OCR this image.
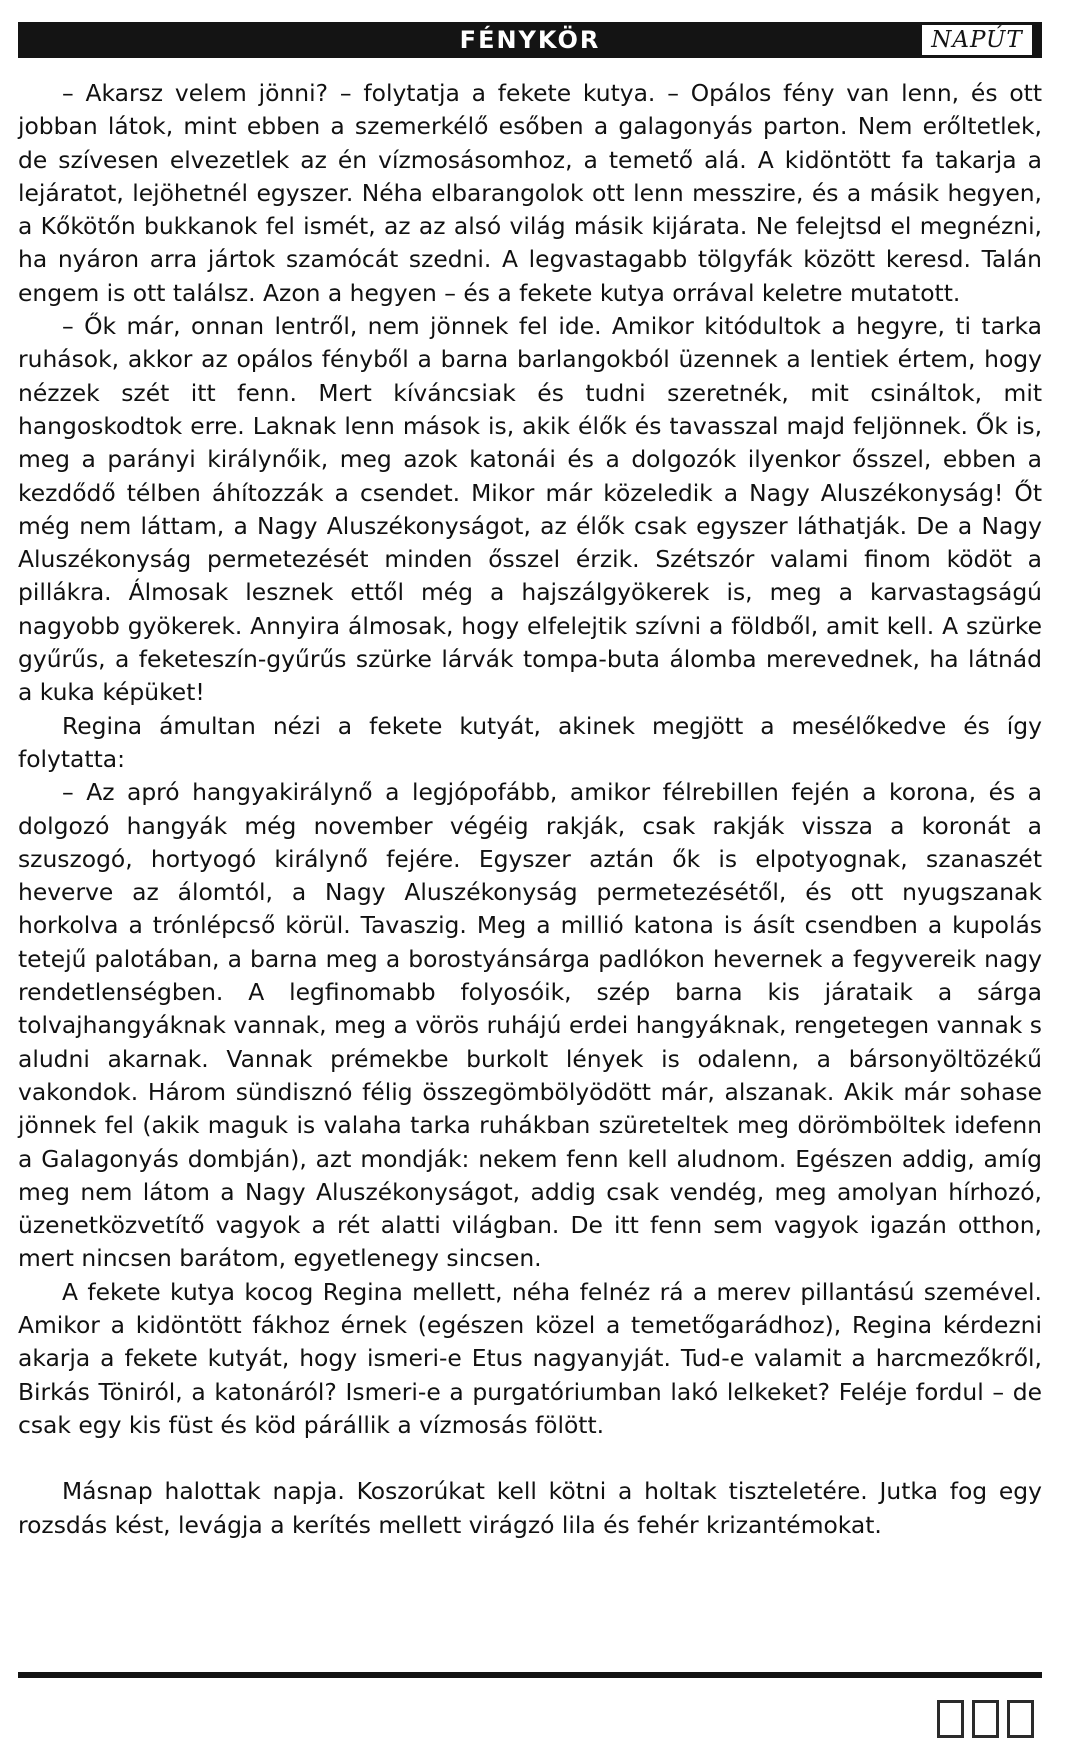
FÉNYKÖR	NAPÚT

– Akarsz velem jönni? – folytatja a fekete kutya. – Opálos fény van lenn, és ott jobban látok, mint ebben a szemerkélő esőben a galagonyás parton. Nem erőltetlek, de szívesen elvezetlek az én vízmosásomhoz, a temető alá. A kidöntött fa takarja a lejáratot, lejöhetnél egyszer. Néha elbarangolok ott lenn messzire, és a másik hegyen, a Kőkötőn bukkanok fel ismét, az az alsó világ másik kijárata. Ne felejtsd el megnézni, ha nyáron arra jártok szamócát szedni. A legvastagabb tölgyfák között keresd. Talán engem is ott találsz. Azon a hegyen – és a fekete kutya orrával keletre mutatott.

– Ők már, onnan lentről, nem jönnek fel ide. Amikor kitódultok a hegyre, ti tarka ruhások, akkor az opálos fényből a barna barlangokból üzennek a lentiek értem, hogy nézzek szét itt fenn. Mert kíváncsiak és tudni szeretnék, mit csináltok, mit hangoskodtok erre. Laknak lenn mások is, akik élők és tavasszal majd feljönnek. Ők is, meg a parányi királynőik, meg azok katonái és a dolgozók ilyenkor ősszel, ebben a kezdődő télben áhítozzák a csendet. Mikor már közeledik a Nagy Aluszékonyság! Őt még nem láttam, a Nagy Aluszékonyságot, az élők csak egyszer láthatják. De a Nagy Aluszékonyság permetezését minden ősszel érzik. Szétszór valami finom ködöt a pillákra. Álmosak lesznek ettől még a hajszálgyökerek is, meg a karvastagságú nagyobb gyökerek. Annyira álmosak, hogy elfelejtik szívni a földből, amit kell. A szürke gyűrűs, a feketeszín-gyűrűs szürke lárvák tompa-buta álomba merevednek, ha látnád a kuka képüket!

Regina ámultan nézi a fekete kutyát, akinek megjött a mesélőkedve és így folytatta:

– Az apró hangyakirálynő a legjópofább, amikor félrebillen fején a korona, és a dolgozó hangyák még november végéig rakják, csak rakják vissza a koronát a szuszogó, hortyogó királynő fejére. Egyszer aztán ők is elpotyognak, szanaszét heverve az álomtól, a Nagy Aluszékonyság permetezésétől, és ott nyugszanak horkolva a trónlépcső körül. Tavaszig. Meg a millió katona is ásít csendben a kupolás tetejű palotában, a barna meg a borostyánsárga padlókon hevernek a fegyvereik nagy rendetlenségben. A legfinomabb folyosóik, szép barna kis járataik a sárga tolvajhangyáknak vannak, meg a vörös ruhájú erdei hangyáknak, rengetegen vannak s aludni akarnak. Vannak prémekbe burkolt lények is odalenn, a bársonyöltözékű vakondok. Három sündisznó félig összegömbölyödött már, alszanak. Akik már sohase jönnek fel (akik maguk is valaha tarka ruhákban szüreteltek meg dörömböltek idefenn a Galagonyás dombján), azt mondják: nekem fenn kell aludnom. Egészen addig, amíg meg nem látom a Nagy Aluszékonyságot, addig csak vendég, meg amolyan hírhozó, üzenetközvetítő vagyok a rét alatti világban. De itt fenn sem vagyok igazán otthon, mert nincsen barátom, egyetlenegy sincsen.

A fekete kutya kocog Regina mellett, néha felnéz rá a merev pillantású szemével. Amikor a kidöntött fákhoz érnek (egészen közel a temetőgarádhoz), Regina kérdezni akarja a fekete kutyát, hogy ismeri-e Etus nagyanyját. Tud-e valamit a harcmezőkről, Birkás Töniról, a katonáról? Ismeri-e a purgatóriumban lakó lelkeket? Feléje fordul – de csak egy kis füst és köd párállik a vízmosás fölött.

Másnap halottak napja. Koszorúkat kell kötni a holtak tiszteletére. Jutka fog egy rozsdás kést, levágja a kerítés mellett virágzó lila és fehér krizantémokat.
